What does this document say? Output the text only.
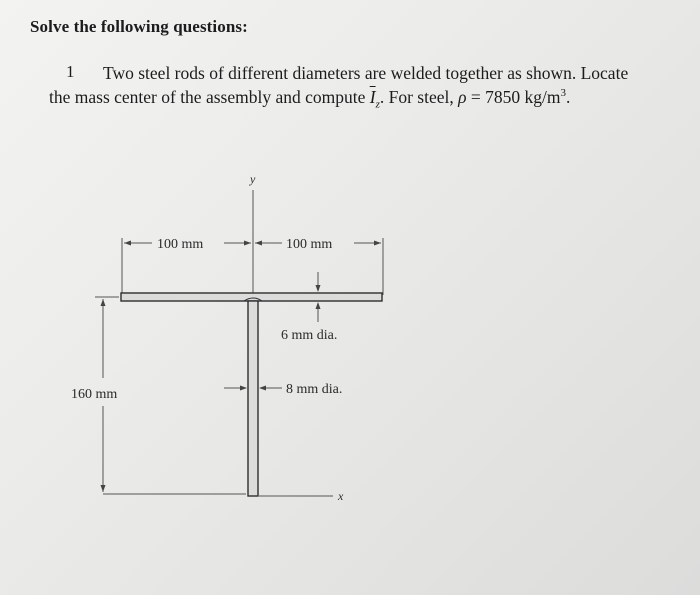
Solve the following questions:
1 Two steel rods of different diameters are welded together as shown. Locate
the mass center of the assembly and compute $\overline{I}_z$. For steel, ρ = 7850 $kg/m^3$.
y
100 mm	100 mm
160 mm
6 mm dia.
8 mm dia.
x
